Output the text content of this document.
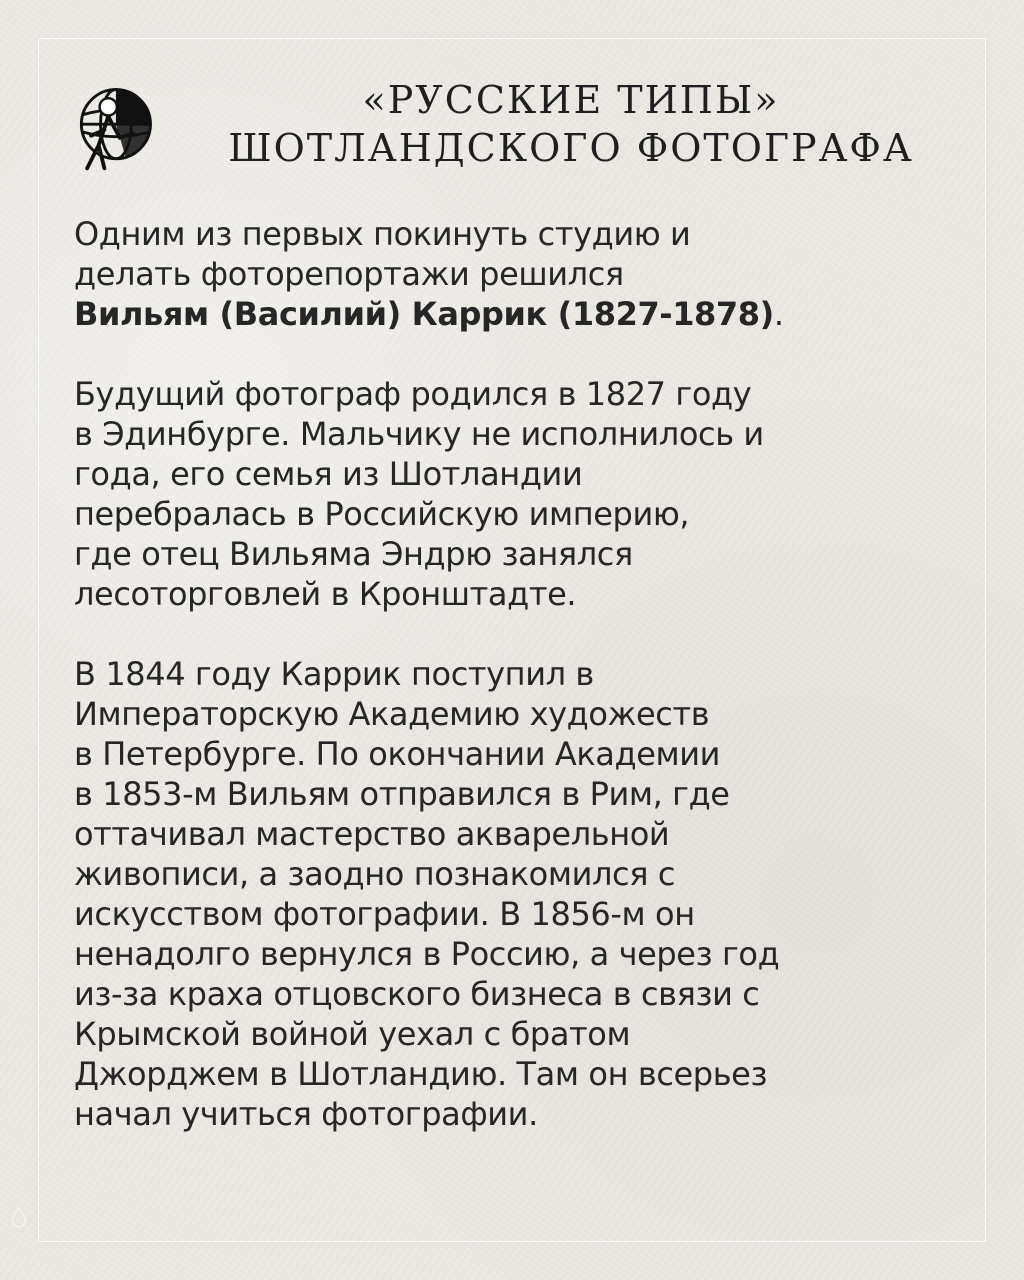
«РУССКИЕ ТИПЫ»
ШОТЛАНДСКОГО ФОТОГРАФА
Одним из первых покинуть студию и
делать фоторепортажи решился
Вильям (Василий) Каррик (1827-1878).
Будущий фотограф родился в 1827 году
в Эдинбурге. Мальчику не исполнилось и
года, его семья из Шотландии
перебралась в Российскую империю,
где отец Вильяма Эндрю занялся
лесоторговлей в Кронштадте.
В 1844 году Каррик поступил в
Императорскую Академию художеств
в Петербурге. По окончании Академии
в 1853-м Вильям отправился в Рим, где
оттачивал мастерство акварельной
живописи, а заодно познакомился с
искусством фотографии. В 1856-м он
ненадолго вернулся в Россию, а через год
из-за краха отцовского бизнеса в связи с
Крымской войной уехал с братом
Джорджем в Шотландию. Там он всерьез
начал учиться фотографии.
